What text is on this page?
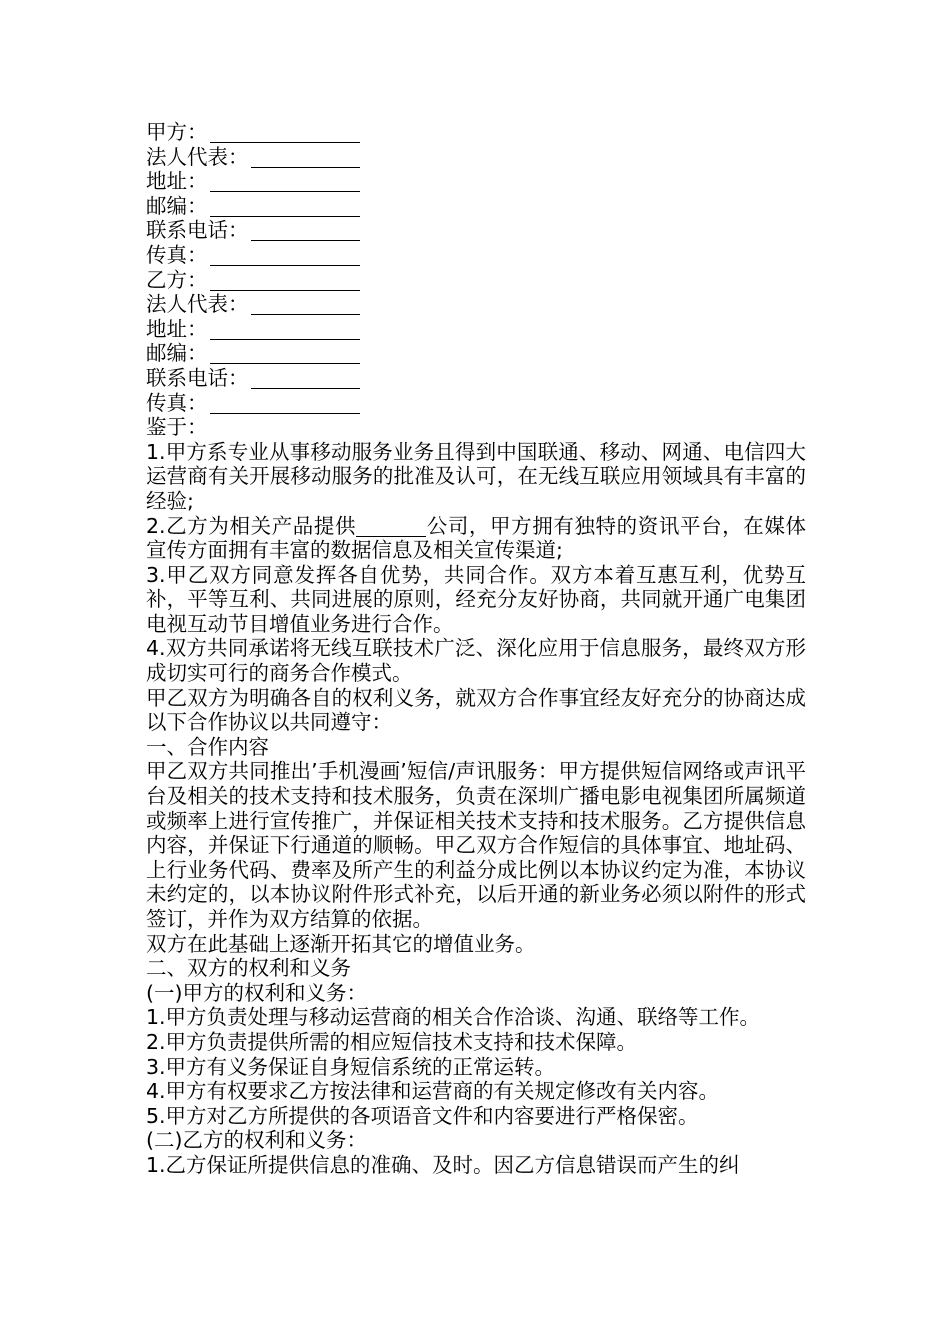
甲方：
法人代表：
地址：
邮编：
联系电话：
传真：
乙方：
法人代表：
地址：
邮编：
联系电话：
传真：

鉴于：

1.甲方系专业从事移动服务业务且得到中国联通、移动、网通、电信四大运营商有关开展移动服务的批准及认可，在无线互联应用领域具有丰富的经验;

2.乙方为相关产品提供	公司，甲方拥有独特的资讯平台，在媒体宣传方面拥有丰富的数据信息及相关宣传渠道;

3.甲乙双方同意发挥各自优势，共同合作。双方本着互惠互利，优势互补，平等互利、共同进展的原则，经充分友好协商，共同就开通广电集团电视互动节目增值业务进行合作。

4.双方共同承诺将无线互联技术广泛、深化应用于信息服务，最终双方形成切实可行的商务合作模式。

甲乙双方为明确各自的权利义务，就双方合作事宜经友好充分的协商达成以下合作协议以共同遵守：

一、合作内容

甲乙双方共同推出’手机漫画’短信/声讯服务：甲方提供短信网络或声讯平台及相关的技术支持和技术服务，负责在深圳广播电影电视集团所属频道或频率上进行宣传推广，并保证相关技术支持和技术服务。乙方提供信息内容，并保证下行通道的顺畅。甲乙双方合作短信的具体事宜、地址码、上行业务代码、费率及所产生的利益分成比例以本协议约定为准，本协议未约定的，以本协议附件形式补充，以后开通的新业务必须以附件的形式签订，并作为双方结算的依据。

双方在此基础上逐渐开拓其它的增值业务。

二、双方的权利和义务

(一)甲方的权利和义务：

1.甲方负责处理与移动运营商的相关合作洽谈、沟通、联络等工作。

2.甲方负责提供所需的相应短信技术支持和技术保障。

3.甲方有义务保证自身短信系统的正常运转。

4.甲方有权要求乙方按法律和运营商的有关规定修改有关内容。

5.甲方对乙方所提供的各项语音文件和内容要进行严格保密。

(二)乙方的权利和义务：

1.乙方保证所提供信息的准确、及时。因乙方信息错误而产生的纠
